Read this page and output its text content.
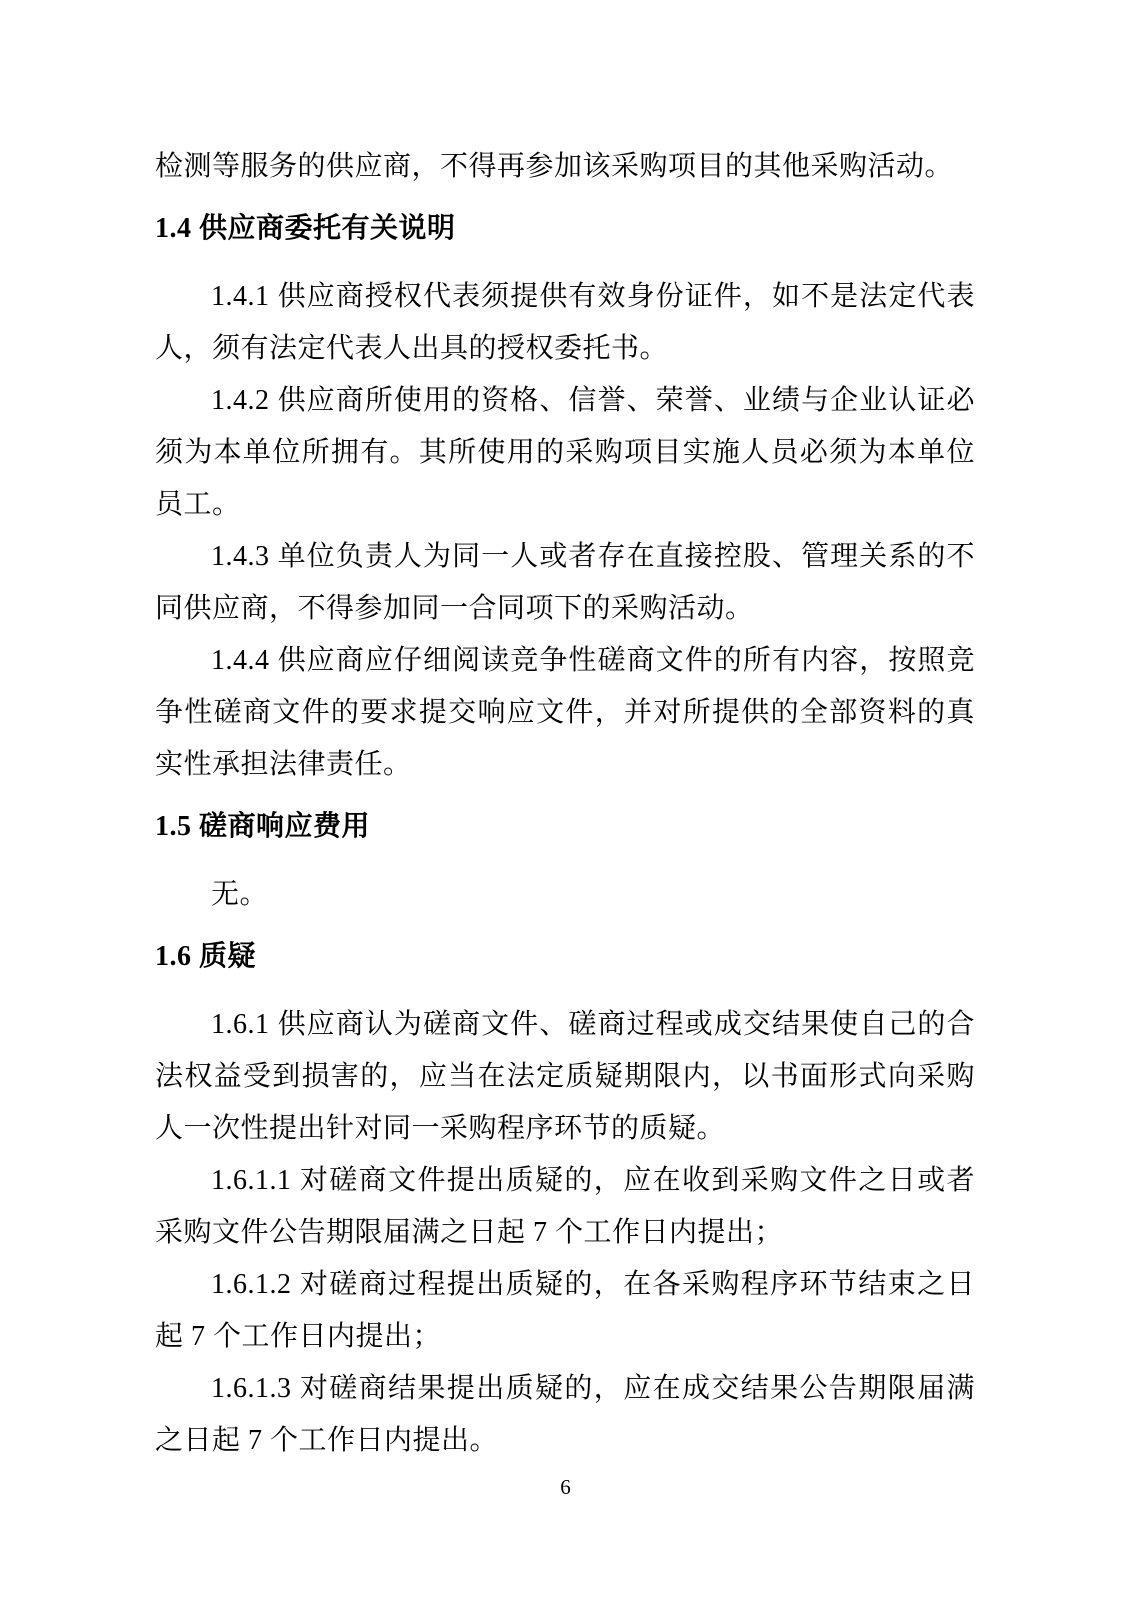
检测等服务的供应商，不得再参加该采购项目的其他采购活动。

1.4 供应商委托有关说明

1.4.1 供应商授权代表须提供有效身份证件，如不是法定代表人，须有法定代表人出具的授权委托书。

1.4.2 供应商所使用的资格、信誉、荣誉、业绩与企业认证必须为本单位所拥有。其所使用的采购项目实施人员必须为本单位员工。

1.4.3 单位负责人为同一人或者存在直接控股、管理关系的不同供应商，不得参加同一合同项下的采购活动。

1.4.4 供应商应仔细阅读竞争性磋商文件的所有内容，按照竞争性磋商文件的要求提交响应文件，并对所提供的全部资料的真实性承担法律责任。

1.5 磋商响应费用

无。

1.6 质疑

1.6.1 供应商认为磋商文件、磋商过程或成交结果使自己的合法权益受到损害的，应当在法定质疑期限内，以书面形式向采购人一次性提出针对同一采购程序环节的质疑。

1.6.1.1 对磋商文件提出质疑的，应在收到采购文件之日或者采购文件公告期限届满之日起 7 个工作日内提出；

1.6.1.2 对磋商过程提出质疑的，在各采购程序环节结束之日起 7 个工作日内提出；

1.6.1.3 对磋商结果提出质疑的，应在成交结果公告期限届满之日起 7 个工作日内提出。

6
